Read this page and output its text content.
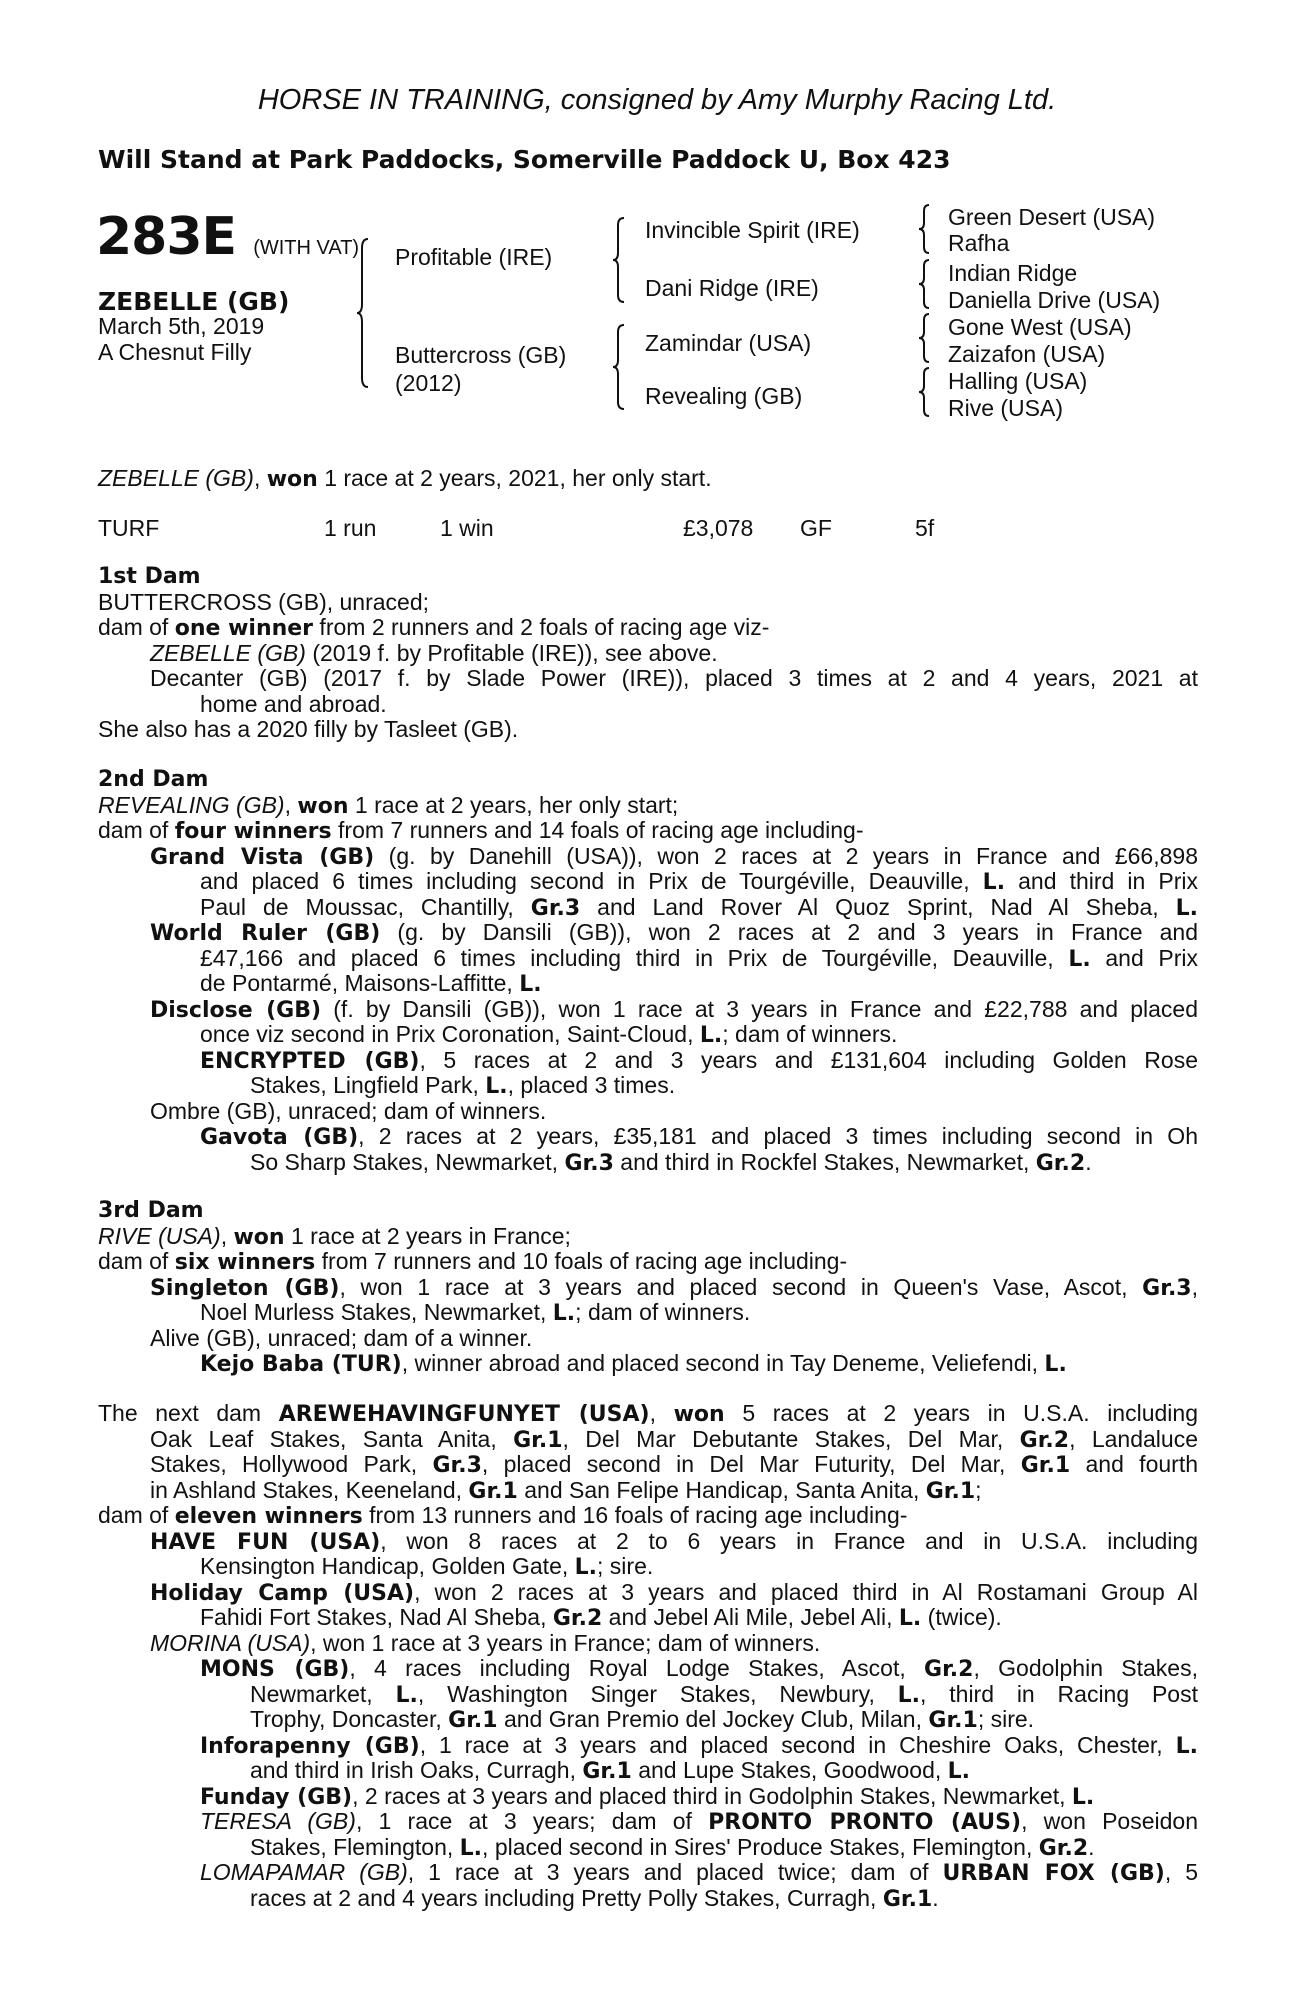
HORSE IN TRAINING, consigned by Amy Murphy Racing Ltd.
Will Stand at Park Paddocks, Somerville Paddock U, Box 423
283E (WITH VAT)
ZEBELLE (GB)
March 5th, 2019
A Chesnut Filly
Profitable (IRE)
Buttercross (GB)
(2012)
Invincible Spirit (IRE)
Dani Ridge (IRE)
Zamindar (USA)
Revealing (GB)
Green Desert (USA)
Rafha
Indian Ridge
Daniella Drive (USA)
Gone West (USA)
Zaizafon (USA)
Halling (USA)
Rive (USA)
ZEBELLE (GB), won 1 race at 2 years, 2021, her only start.
TURF	1 run	1 win	£3,078 GF	5f
1st Dam
BUTTERCROSS (GB), unraced;
dam of one winner from 2 runners and 2 foals of racing age viz-
ZEBELLE (GB) (2019 f. by Profitable (IRE)), see above.
Decanter (GB) (2017 f. by Slade Power (IRE)), placed 3 times at 2 and 4 years, 2021 at
home and abroad.
She also has a 2020 filly by Tasleet (GB).
2nd Dam
REVEALING (GB), won 1 race at 2 years, her only start;
dam of four winners from 7 runners and 14 foals of racing age including-
Grand Vista (GB) (g. by Danehill (USA)), won 2 races at 2 years in France and £66,898
and placed 6 times including second in Prix de Tourgéville, Deauville, L. and third in Prix
Paul de Moussac, Chantilly, Gr.3 and Land Rover Al Quoz Sprint, Nad Al Sheba, L.
World Ruler (GB) (g. by Dansili (GB)), won 2 races at 2 and 3 years in France and
£47,166 and placed 6 times including third in Prix de Tourgéville, Deauville, L. and Prix
de Pontarmé, Maisons-Laffitte, L.
Disclose (GB) (f. by Dansili (GB)), won 1 race at 3 years in France and £22,788 and placed
once viz second in Prix Coronation, Saint-Cloud, L.; dam of winners.
ENCRYPTED (GB), 5 races at 2 and 3 years and £131,604 including Golden Rose
Stakes, Lingfield Park, L., placed 3 times.
Ombre (GB), unraced; dam of winners.
Gavota (GB), 2 races at 2 years, £35,181 and placed 3 times including second in Oh
So Sharp Stakes, Newmarket, Gr.3 and third in Rockfel Stakes, Newmarket, Gr.2.
3rd Dam
RIVE (USA), won 1 race at 2 years in France;
dam of six winners from 7 runners and 10 foals of racing age including-
Singleton (GB), won 1 race at 3 years and placed second in Queen's Vase, Ascot, Gr.3,
Noel Murless Stakes, Newmarket, L.; dam of winners.
Alive (GB), unraced; dam of a winner.
Kejo Baba (TUR), winner abroad and placed second in Tay Deneme, Veliefendi, L.
The next dam AREWEHAVINGFUNYET (USA), won 5 races at 2 years in U.S.A. including
Oak Leaf Stakes, Santa Anita, Gr.1, Del Mar Debutante Stakes, Del Mar, Gr.2, Landaluce
Stakes, Hollywood Park, Gr.3, placed second in Del Mar Futurity, Del Mar, Gr.1 and fourth
in Ashland Stakes, Keeneland, Gr.1 and San Felipe Handicap, Santa Anita, Gr.1;
dam of eleven winners from 13 runners and 16 foals of racing age including-
HAVE FUN (USA), won 8 races at 2 to 6 years in France and in U.S.A. including
Kensington Handicap, Golden Gate, L.; sire.
Holiday Camp (USA), won 2 races at 3 years and placed third in Al Rostamani Group Al
Fahidi Fort Stakes, Nad Al Sheba, Gr.2 and Jebel Ali Mile, Jebel Ali, L. (twice).
MORINA (USA), won 1 race at 3 years in France; dam of winners.
MONS (GB), 4 races including Royal Lodge Stakes, Ascot, Gr.2, Godolphin Stakes,
Newmarket, L., Washington Singer Stakes, Newbury, L., third in Racing Post
Trophy, Doncaster, Gr.1 and Gran Premio del Jockey Club, Milan, Gr.1; sire.
Inforapenny (GB), 1 race at 3 years and placed second in Cheshire Oaks, Chester, L.
and third in Irish Oaks, Curragh, Gr.1 and Lupe Stakes, Goodwood, L.
Funday (GB), 2 races at 3 years and placed third in Godolphin Stakes, Newmarket, L.
TERESA (GB), 1 race at 3 years; dam of PRONTO PRONTO (AUS), won Poseidon
Stakes, Flemington, L., placed second in Sires' Produce Stakes, Flemington, Gr.2.
LOMAPAMAR (GB), 1 race at 3 years and placed twice; dam of URBAN FOX (GB), 5
races at 2 and 4 years including Pretty Polly Stakes, Curragh, Gr.1.
